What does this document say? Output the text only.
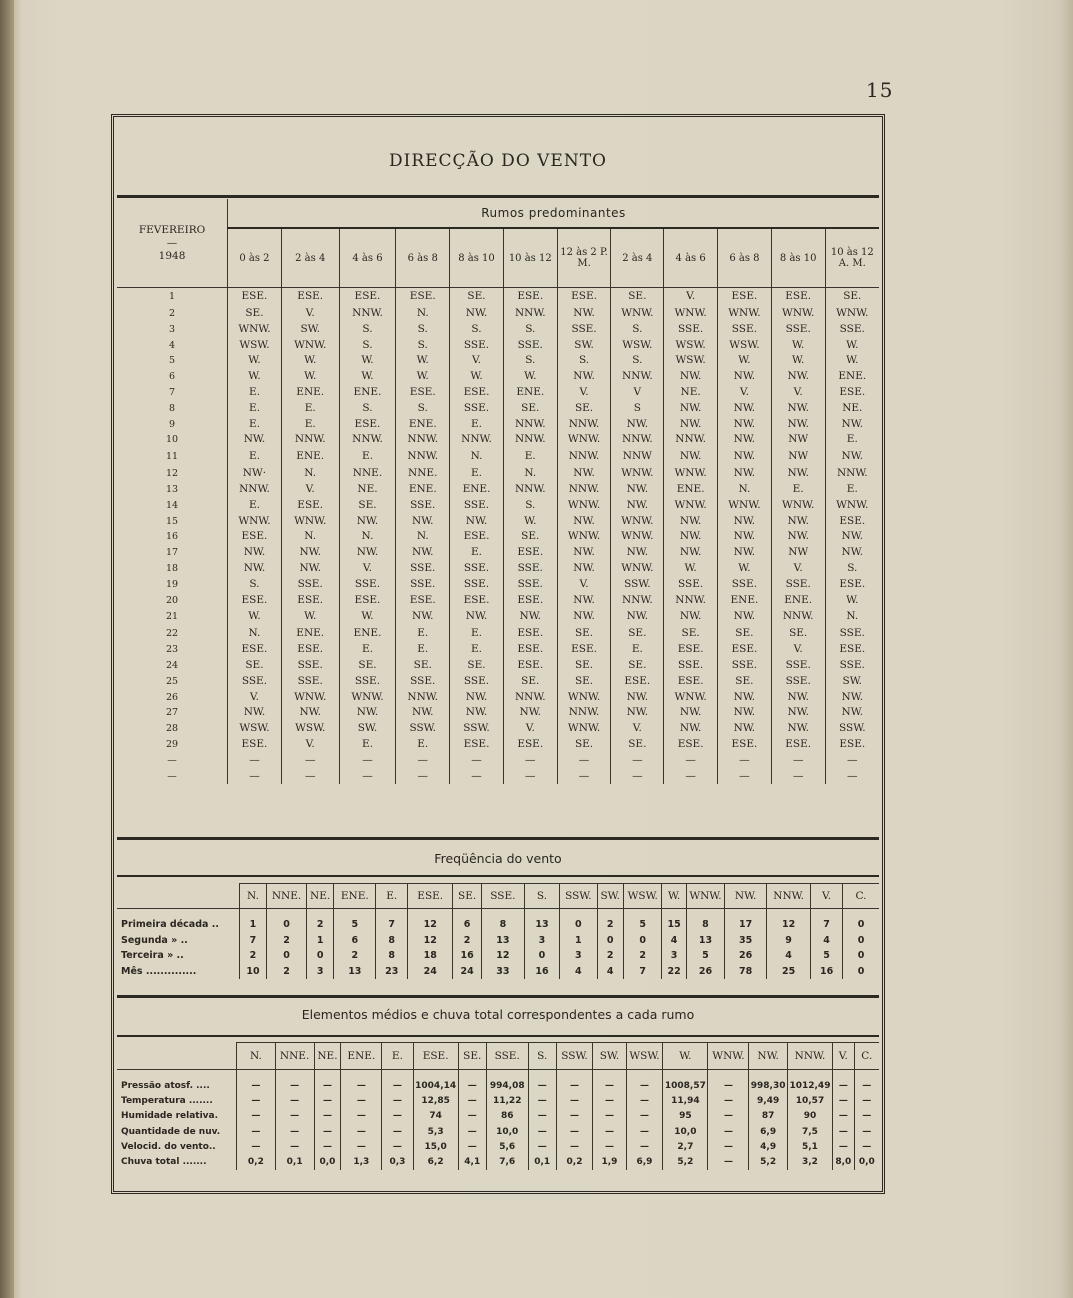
15
DIRECÇÃO DO VENTO
FEVEREIRO
—
1948	Rumos predominantes											
	0 às 2	2 às 4	4 às 6	6 às 8	8 às 10	10 às 12	12 às 2 P. M.	2 às 4	4 às 6	6 às 8	8 às 10	10 às 12 A. M.
1	ESE.	ESE.	ESE.	ESE.	SE.	ESE.	ESE.	SE.	V.	ESE.	ESE.	SE.
2	SE.	V.	NNW.	N.	NW.	NNW.	NW.	WNW.	WNW.	WNW.	WNW.	WNW.
3	WNW.	SW.	S.	S.	S.	S.	SSE.	S.	SSE.	SSE.	SSE.	SSE.
4	WSW.	WNW.	S.	S.	SSE.	SSE.	SW.	WSW.	WSW.	WSW.	W.	W.
5	W.	W.	W.	W.	V.	S.	S.	S.	WSW.	W.	W.	W.
6	W.	W.	W.	W.	W.	W.	NW.	NNW.	NW.	NW.	NW.	ENE.
7	E.	ENE.	ENE.	ESE.	ESE.	ENE.	V.	V	NE.	V.	V.	ESE.
8	E.	E.	S.	S.	SSE.	SE.	SE.	S	NW.	NW.	NW.	NE.
9	E.	E.	ESE.	ENE.	E.	NNW.	NNW.	NW.	NW.	NW.	NW.	NW.
10	NW.	NNW.	NNW.	NNW.	NNW.	NNW.	WNW.	NNW.	NNW.	NW.	NW	E.
11	E.	ENE.	E.	NNW.	N.	E.	NNW.	NNW	NW.	NW.	NW	NW.
12	NW·	N.	NNE.	NNE.	E.	N.	NW.	WNW.	WNW.	NW.	NW.	NNW.
13	NNW.	V.	NE.	ENE.	ENE.	NNW.	NNW.	NW.	ENE.	N.	E.	E.
14	E.	ESE.	SE.	SSE.	SSE.	S.	WNW.	NW.	WNW.	WNW.	WNW.	WNW.
15	WNW.	WNW.	NW.	NW.	NW.	W.	NW.	WNW.	NW.	NW.	NW.	ESE.
16	ESE.	N.	N.	N.	ESE.	SE.	WNW.	WNW.	NW.	NW.	NW.	NW.
17	NW.	NW.	NW.	NW.	E.	ESE.	NW.	NW.	NW.	NW.	NW	NW.
18	NW.	NW.	V.	SSE.	SSE.	SSE.	NW.	WNW.	W.	W.	V.	S.
19	S.	SSE.	SSE.	SSE.	SSE.	SSE.	V.	SSW.	SSE.	SSE.	SSE.	ESE.
20	ESE.	ESE.	ESE.	ESE.	ESE.	ESE.	NW.	NNW.	NNW.	ENE.	ENE.	W.
21	W.	W.	W.	NW.	NW.	NW.	NW.	NW.	NW.	NW.	NNW.	N.
22	N.	ENE.	ENE.	E.	E.	ESE.	SE.	SE.	SE.	SE.	SE.	SSE.
23	ESE.	ESE.	E.	E.	E.	ESE.	ESE.	E.	ESE.	ESE.	V.	ESE.
24	SE.	SSE.	SE.	SE.	SE.	ESE.	SE.	SE.	SSE.	SSE.	SSE.	SSE.
25	SSE.	SSE.	SSE.	SSE.	SSE.	SE.	SE.	ESE.	ESE.	SE.	SSE.	SW.
26	V.	WNW.	WNW.	NNW.	NW.	NNW.	WNW.	NW.	WNW.	NW.	NW.	NW.
27	NW.	NW.	NW.	NW.	NW.	NW.	NNW.	NW.	NW.	NW.	NW.	NW.
28	WSW.	WSW.	SW.	SSW.	SSW.	V.	WNW.	V.	NW.	NW.	NW.	SSW.
29	ESE.	V.	E.	E.	ESE.	ESE.	SE.	SE.	ESE.	ESE.	ESE.	ESE.
—	—	—	—	—	—	—	—	—	—	—	—	—
—	—	—	—	—	—	—	—	—	—	—	—	—
Freqüência do vento
	N.	NNE.	NE.	ENE.	E.	ESE.	SE.	SSE.	S.	SSW.	SW.	WSW.	W.	WNW.	NW.	NNW.	V.	C.
Primeira década ..	1	0	2	5	7	12	6	8	13	0	2	5	15	8	17	12	7	0
Segunda » ..	7	2	1	6	8	12	2	13	3	1	0	0	4	13	35	9	4	0
Terceira » ..	2	0	0	2	8	18	16	12	0	3	2	2	3	5	26	4	5	0
Mês ..............	10	2	3	13	23	24	24	33	16	4	4	7	22	26	78	25	16	0
Elementos médios e chuva total correspondentes a cada rumo
	N.	NNE.	NE.	ENE.	E.	ESE.	SE.	SSE.	S.	SSW.	SW.	WSW.	W.	WNW.	NW.	NNW.	V.	C.
Pressão atosf. ....	—	—	—	—	—	1004,14	—	994,08	—	—	—	—	1008,57	—	998,30	1012,49	—	—
Temperatura .......	—	—	—	—	—	12,85	—	11,22	—	—	—	—	11,94	—	9,49	10,57	—	—
Humidade relativa.	—	—	—	—	—	74	—	86	—	—	—	—	95	—	87	90	—	—
Quantidade de nuv.	—	—	—	—	—	5,3	—	10,0	—	—	—	—	10,0	—	6,9	7,5	—	—
Velocid. do vento..	—	—	—	—	—	15,0	—	5,6	—	—	—	—	2,7	—	4,9	5,1	—	—
Chuva total .......	0,2	0,1	0,0	1,3	0,3	6,2	4,1	7,6	0,1	0,2	1,9	6,9	5,2	—	5,2	3,2	8,0	0,0
